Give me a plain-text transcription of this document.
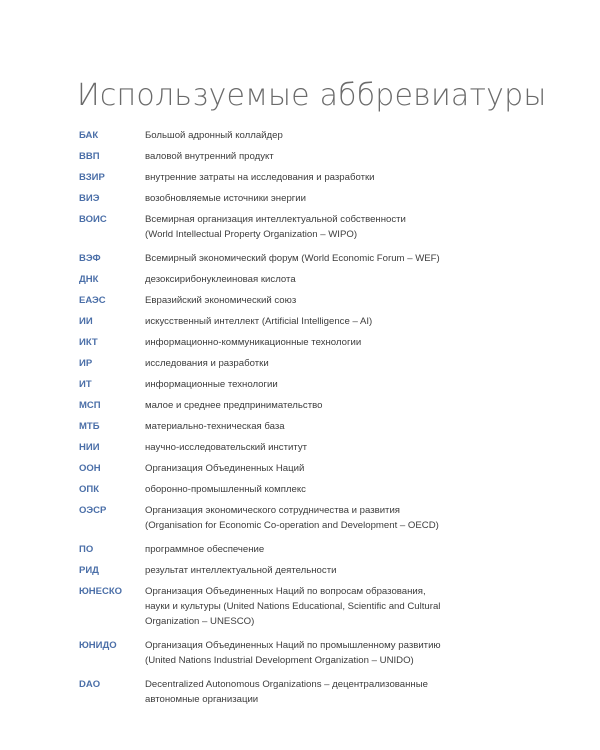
Используемые аббревиатуры
БАК	Большой адронный коллайдер
ВВП	валовой внутренний продукт
ВЗИР	внутренние затраты на исследования и разработки
ВИЭ	возобновляемые источники энергии
ВОИС	Всемирная организация интеллектуальной собственности
(World Intellectual Property Organization – WIPO)
ВЭФ	Всемирный экономический форум (World Economic Forum – WEF)
ДНК	дезоксирибонуклеиновая кислота
ЕАЭС	Евразийский экономический союз
ИИ	искусственный интеллект (Artificial Intelligence – AI)
ИКТ	информационно-коммуникационные технологии
ИР	исследования и разработки
ИТ	информационные технологии
МСП	малое и среднее предпринимательство
МТБ	материально-техническая база
НИИ	научно-исследовательский институт
ООН	Организация Объединенных Наций
ОПК	оборонно-промышленный комплекс
ОЭСР	Организация экономического сотрудничества и развития
(Organisation for Economic Co-operation and Development – OECD)
ПО	программное обеспечение
РИД	результат интеллектуальной деятельности
ЮНЕСКО	Организация Объединенных Наций по вопросам образования,
науки и культуры (United Nations Educational, Scientific and Cultural
Organization – UNESCO)
ЮНИДО	Организация Объединенных Наций по промышленному развитию
(United Nations Industrial Development Organization – UNIDO)
DAO	Decentralized Autonomous Organizations – децентрализованные
автономные организации
